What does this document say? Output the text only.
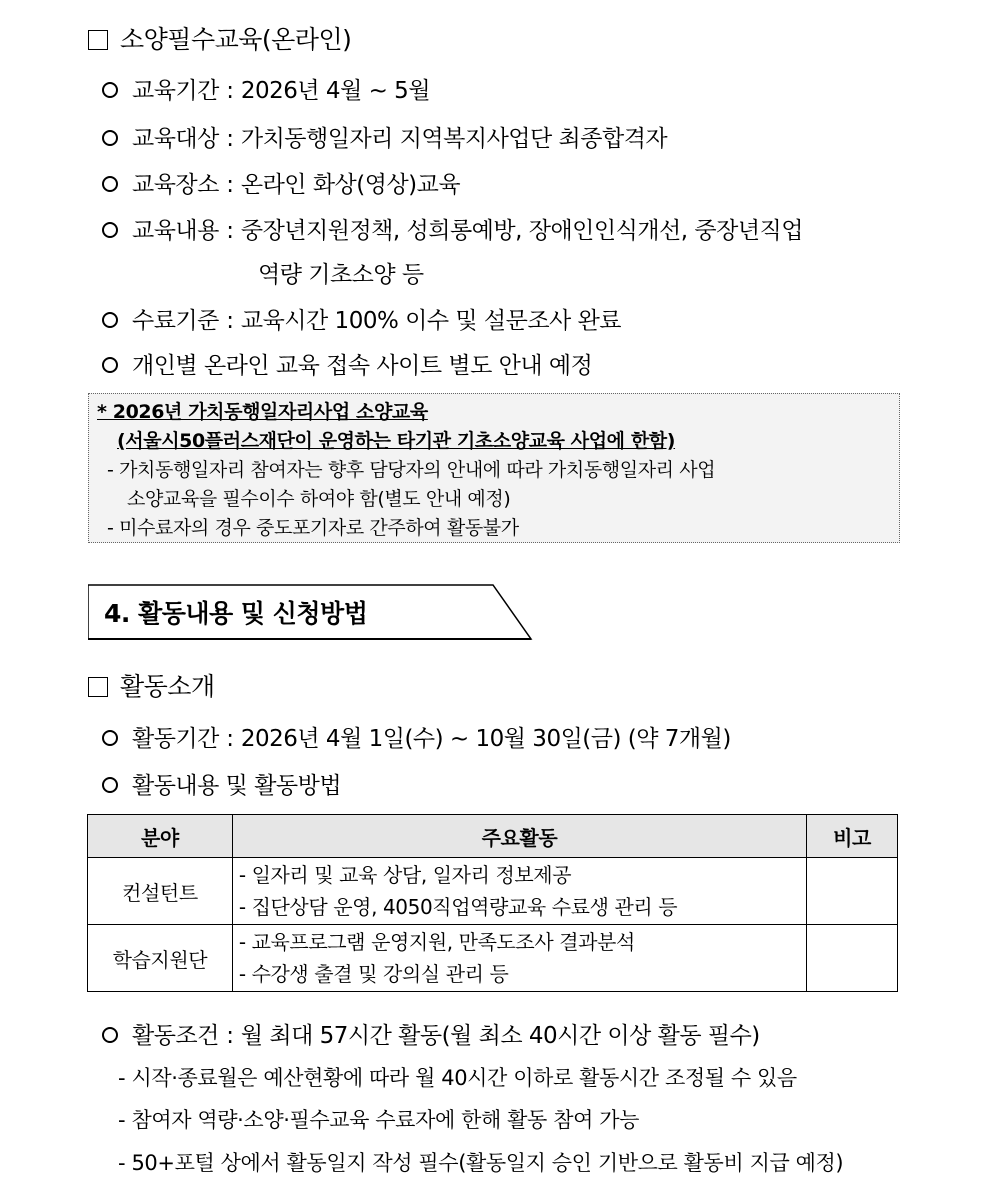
소양필수교육(온라인)
교육기간 : 2026년 4월 ~ 5월
교육대상 : 가치동행일자리 지역복지사업단 최종합격자
교육장소 : 온라인 화상(영상)교육
교육내용 : 중장년지원정책, 성희롱예방, 장애인인식개선, 중장년직업
역량 기초소양 등
수료기준 : 교육시간 100% 이수 및 설문조사 완료
개인별 온라인 교육 접속 사이트 별도 안내 예정
* 2026년 가치동행일자리사업 소양교육
(서울시50플러스재단이 운영하는 타기관 기초소양교육 사업에 한함)
- 가치동행일자리 참여자는 향후 담당자의 안내에 따라 가치동행일자리 사업
소양교육을 필수이수 하여야 함(별도 안내 예정)
- 미수료자의 경우 중도포기자로 간주하여 활동불가
4. 활동내용 및 신청방법
활동소개
활동기간 : 2026년 4월 1일(수) ~ 10월 30일(금) (약 7개월)
활동내용 및 활동방법
분야	주요활동	비고
컨설턴트	- 일자리 및 교육 상담, 일자리 정보제공
- 집단상담 운영, 4050직업역량교육 수료생 관리 등	

학습지원단	- 교육프로그램 운영지원, 만족도조사 결과분석
- 수강생 출결 및 강의실 관리 등	

활동조건 : 월 최대 57시간 활동(월 최소 40시간 이상 활동 필수)
- 시작·종료월은 예산현황에 따라 월 40시간 이하로 활동시간 조정될 수 있음
- 참여자 역량·소양·필수교육 수료자에 한해 활동 참여 가능
- 50+포털 상에서 활동일지 작성 필수(활동일지 승인 기반으로 활동비 지급 예정)
